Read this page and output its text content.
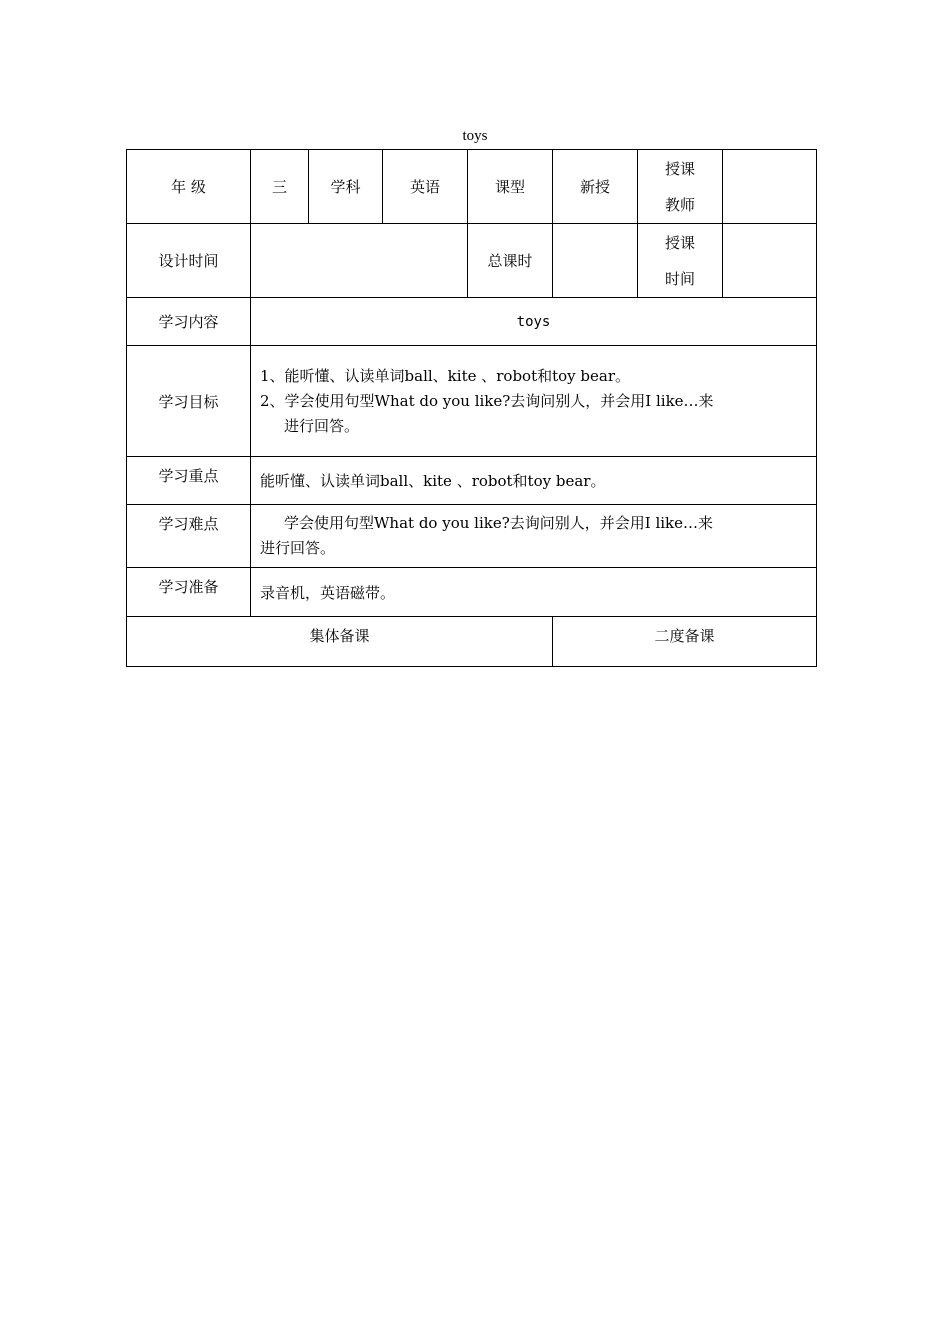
toys
年 级	三	学科	英语	课型	新授	授课
教师	

设计时间				总课时		授课
时间	

学习内容	toys						
学习目标	1、能听懂、认读单词ball、kite 、robot和toy bear。
2、学会使用句型What do you like?去询问别人，并会用I like…来
进行回答。						

学习重点	能听懂、认读单词ball、kite 、robot和toy bear。						
学习难点	学会使用句型What do you like?去询问别人，并会用I like…来
进行回答。						

学习准备	录音机，英语磁带。						
集体备课					二度备课		
